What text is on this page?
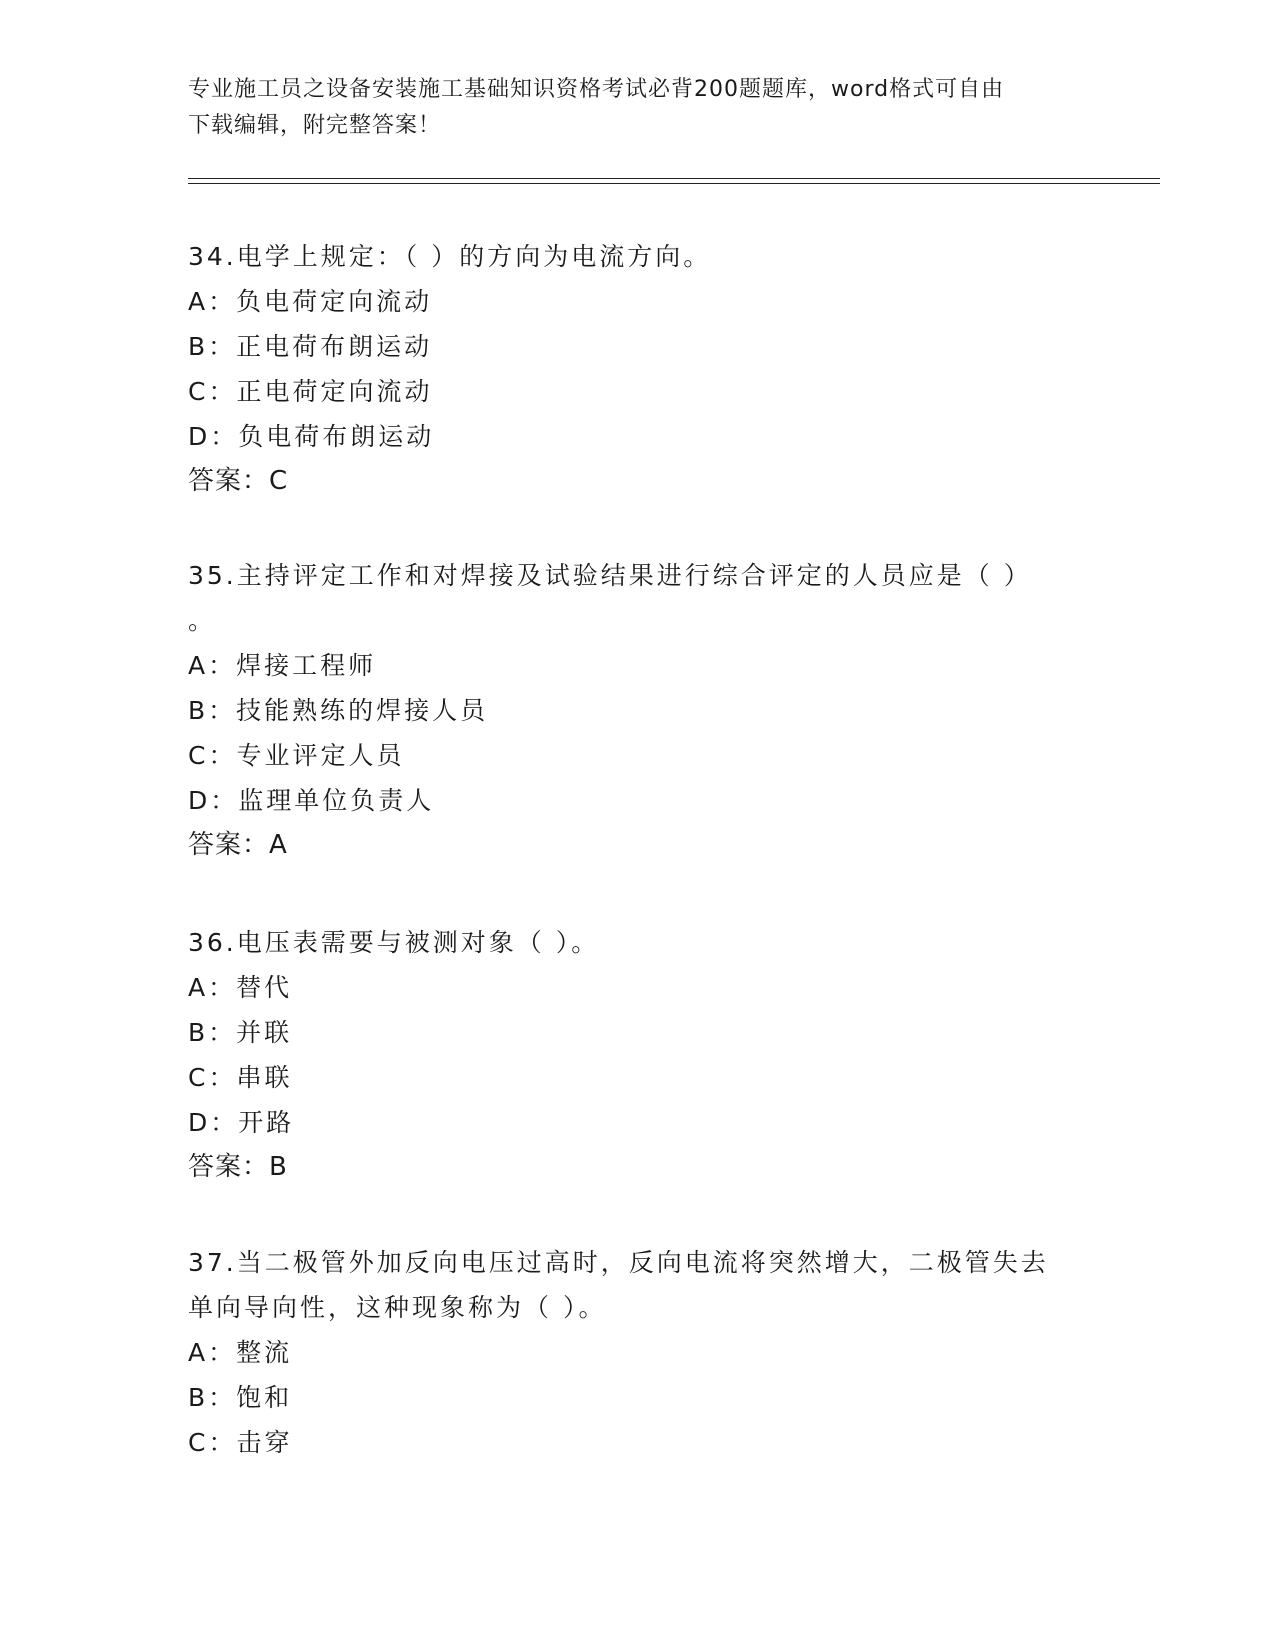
专业施工员之设备安装施工基础知识资格考试必背200题题库，word格式可自由
下载编辑，附完整答案！
34.电学上规定：（ ）的方向为电流方向。
A：负电荷定向流动
B：正电荷布朗运动
C：正电荷定向流动
D：负电荷布朗运动
答案：C
35.主持评定工作和对焊接及试验结果进行综合评定的人员应是（ ）
。
A：焊接工程师
B：技能熟练的焊接人员
C：专业评定人员
D：监理单位负责人
答案：A
36.电压表需要与被测对象（ ）。
A：替代
B：并联
C：串联
D：开路
答案：B
37.当二极管外加反向电压过高时，反向电流将突然增大，二极管失去
单向导向性，这种现象称为（ ）。
A：整流
B：饱和
C：击穿
